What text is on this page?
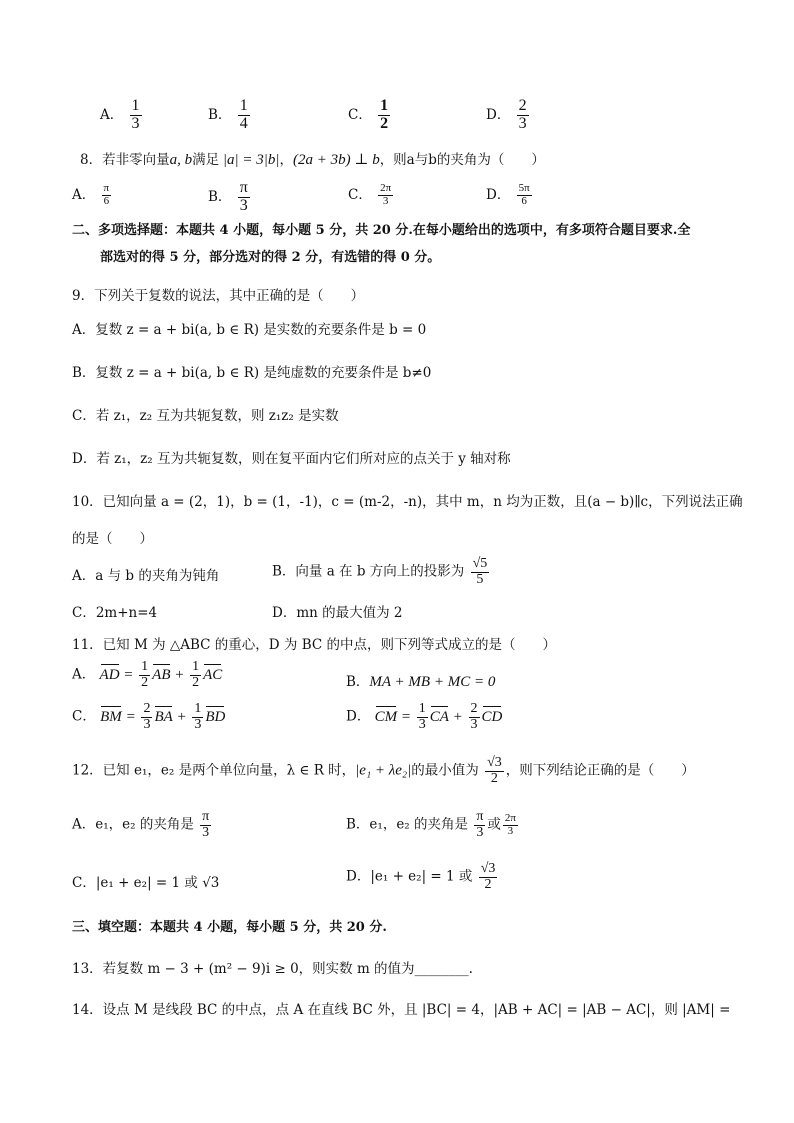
A． $\frac{1}{3}$	B． $\frac{1}{4}$	C． $\frac{1}{2}$	D． $\frac{2}{3}$
8．若非零向量a, b满足 |a| = 3|b|，(2a + 3b) ⊥ b，则a与b的夹角为（　　）
A． $\frac{\pi}{6}$	B． $\frac{\pi}{3}$	C． $\frac{2\pi}{3}$	D． $\frac{5\pi}{6}$
二、多项选择题：本题共 4 小题，每小题 5 分，共 20 分.在每小题给出的选项中，有多项符合题目要求.全
部选对的得 5 分，部分选对的得 2 分，有选错的得 0 分。
9．下列关于复数的说法，其中正确的是（　　）
A．复数 z = a + bi(a, b ∈ R) 是实数的充要条件是 b = 0
B．复数 z = a + bi(a, b ∈ R) 是纯虚数的充要条件是 b≠0
C．若 z₁，z₂ 互为共轭复数，则 z₁z₂ 是实数
D．若 z₁，z₂ 互为共轭复数，则在复平面内它们所对应的点关于 y 轴对称
10．已知向量 a = (2，1)，b = (1，-1)，c = (m-2，-n)，其中 m，n 均为正数，且(a − b)∥c，下列说法正确
的是（　　）
A．a 与 b 的夹角为钝角	B．向量 a 在 b 方向上的投影为 $\frac{√5}{5}$
C．2m+n=4	D．mn 的最大值为 2
11．已知 M 为 △ABC 的重心，D 为 BC 的中点，则下列等式成立的是（　　）
A． AD = $\frac{1}{2}$ AB + $\frac{1}{2}$ AC	B．MA + MB + MC = 0
C． BM = $\frac{2}{3}$ BA + $\frac{1}{3}$ BD	D． CM = $\frac{1}{3}$ CA + $\frac{2}{3}$ CD
12．已知 e₁，e₂ 是两个单位向量，λ ∈ R 时，|e₁ + λe₂|的最小值为 $\frac{√3}{2}$ ，则下列结论正确的是（　　）
A．e₁，e₂ 的夹角是 $\frac{\pi}{3}$	B．e₁，e₂ 的夹角是 $\frac{\pi}{3}$ 或 $\frac{2\pi}{3}$
C．|e₁ + e₂| = 1 或 √3	D．|e₁ + e₂| = 1 或 $\frac{√3}{2}$
三、填空题：本题共 4 小题，每小题 5 分，共 20 分.
13．若复数 m − 3 + (m² − 9)i ≥ 0，则实数 m 的值为________.
14．设点 M 是线段 BC 的中点，点 A 在直线 BC 外，且 |BC| = 4，|AB + AC| = |AB − AC|，则 |AM| =
